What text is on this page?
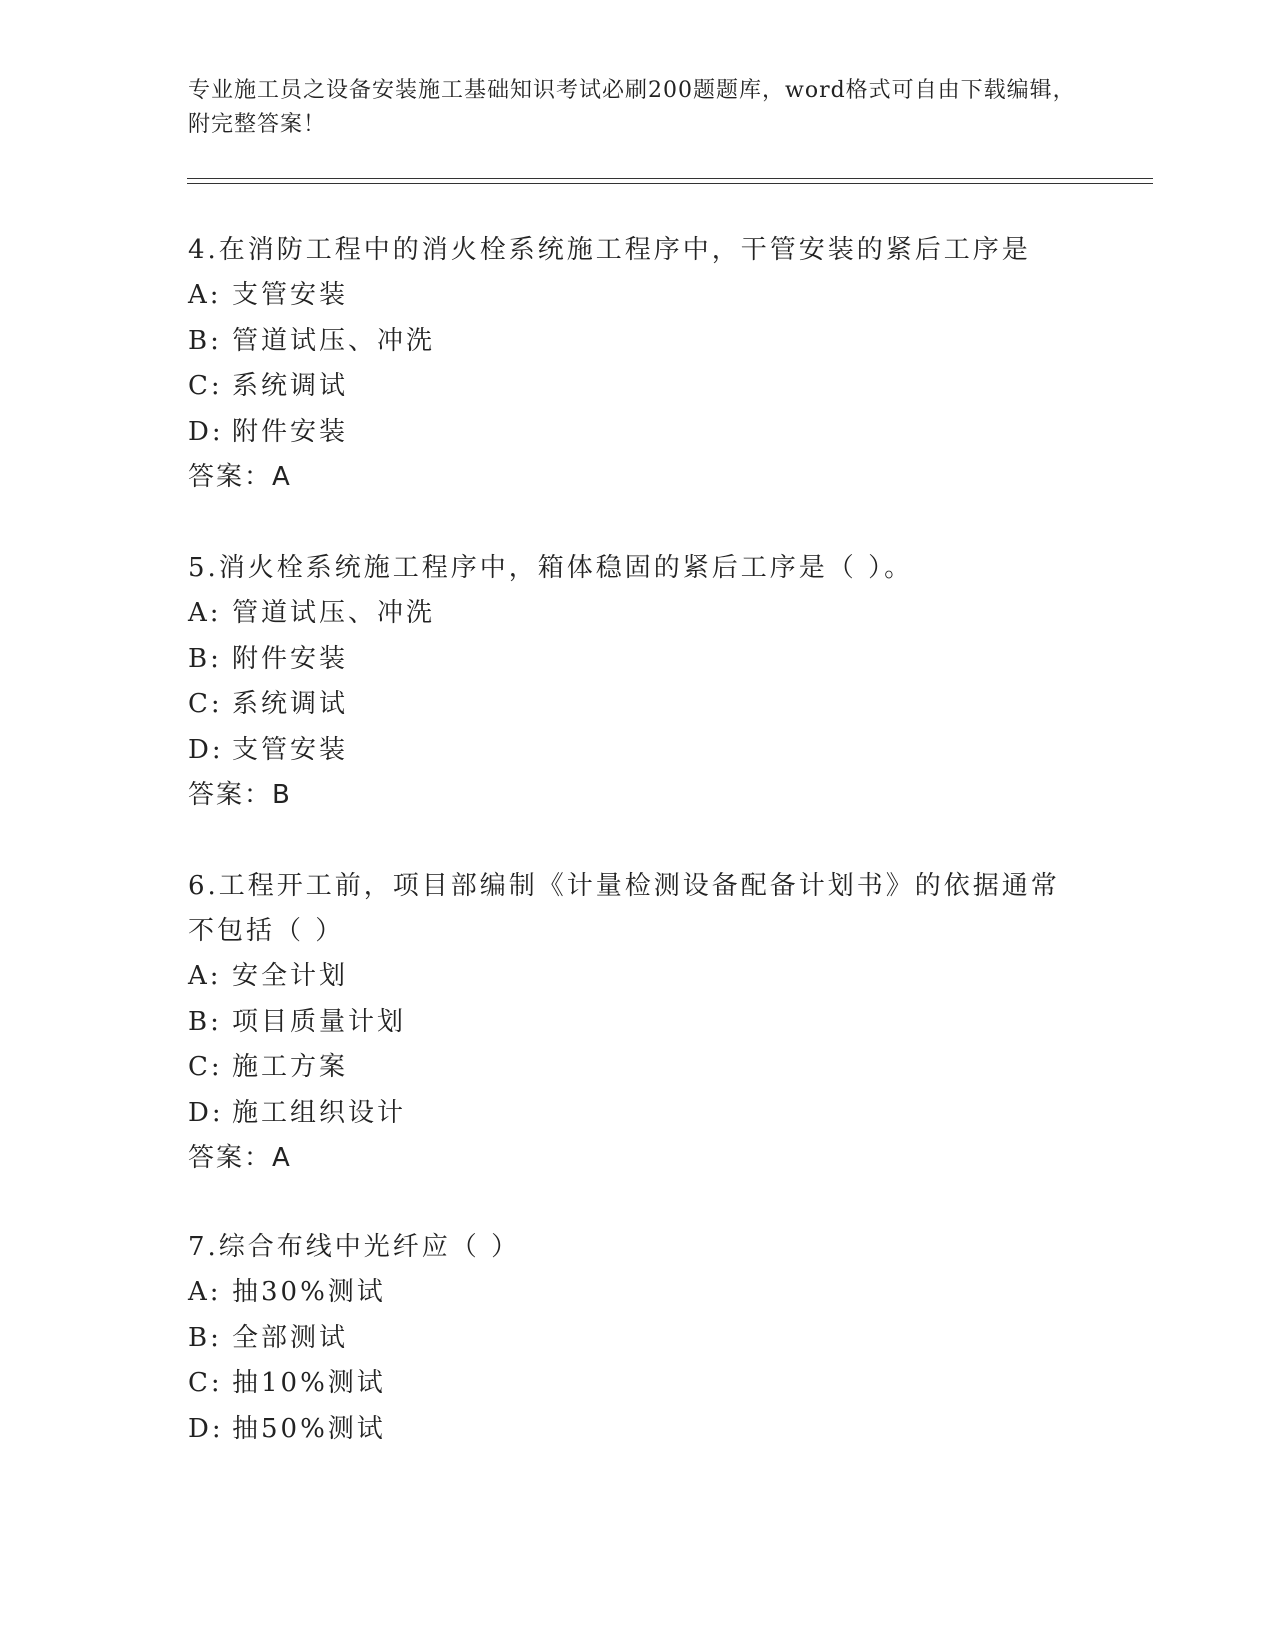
专业施工员之设备安装施工基础知识考试必刷200题题库，word格式可自由下载编辑，附完整答案！
4.在消防工程中的消火栓系统施工程序中，干管安装的紧后工序是
A: 支管安装
B: 管道试压、冲洗
C: 系统调试
D: 附件安装
答案：A
5.消火栓系统施工程序中，箱体稳固的紧后工序是（ ）。
A: 管道试压、冲洗
B: 附件安装
C: 系统调试
D: 支管安装
答案：B
6.工程开工前，项目部编制《计量检测设备配备计划书》的依据通常不包括（ ）
A: 安全计划
B: 项目质量计划
C: 施工方案
D: 施工组织设计
答案：A
7.综合布线中光纤应（ ）
A: 抽30%测试
B: 全部测试
C: 抽10%测试
D: 抽50%测试
